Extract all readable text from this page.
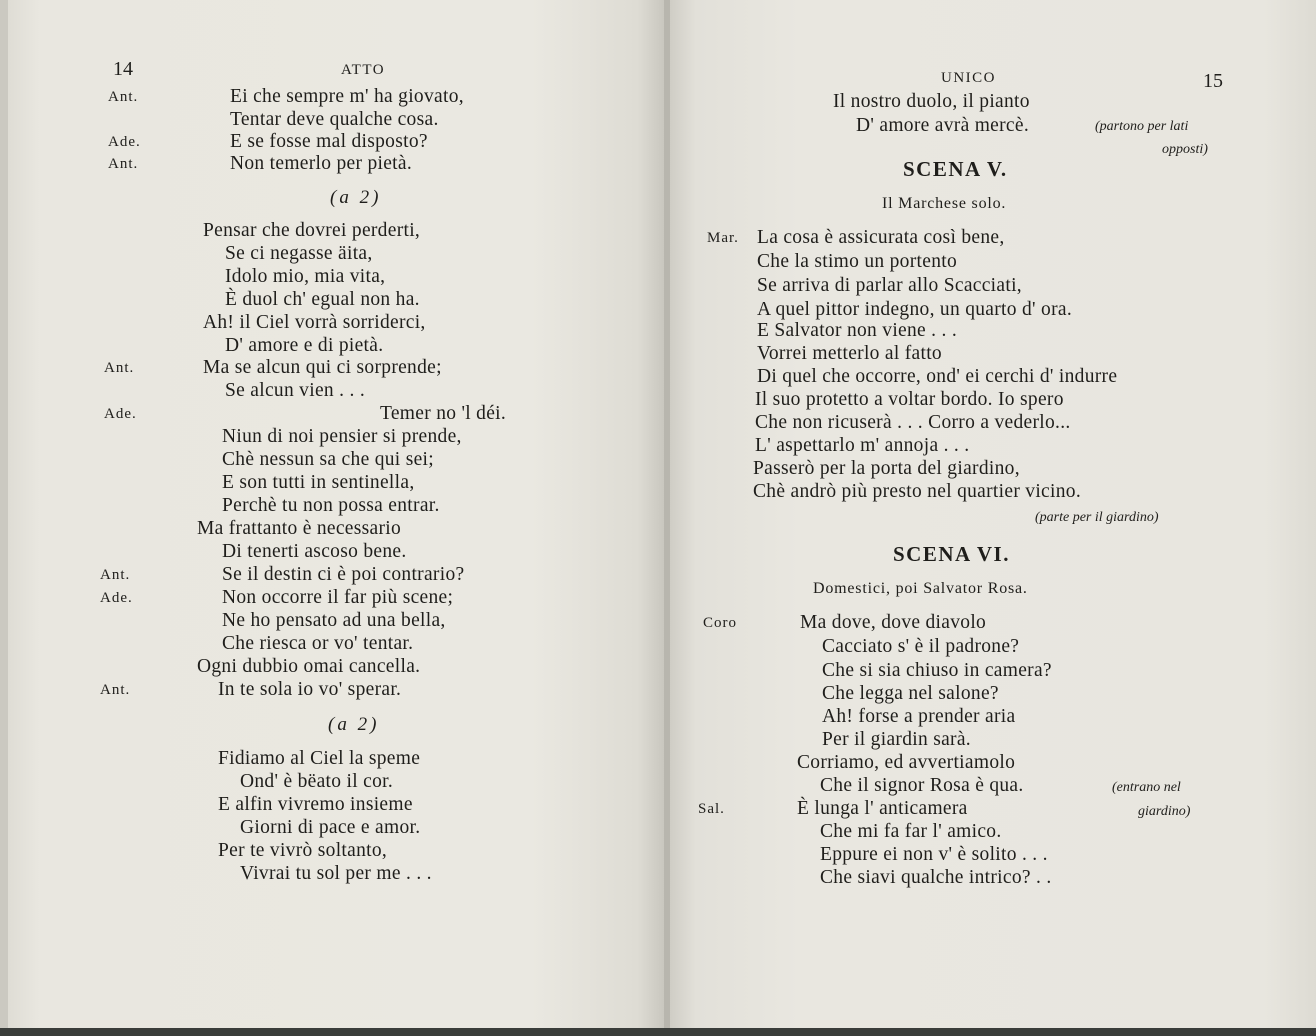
14	ATTO
Ant.	Ei che sempre m' ha giovato,
Tentar deve qualche cosa.
Ade.	E se fosse mal disposto?
Ant.	Non temerlo per pietà.
(a 2)
Pensar che dovrei perderti,
Se ci negasse äita,
Idolo mio, mia vita,
È duol ch' egual non ha.
Ah! il Ciel vorrà sorriderci,
D' amore e di pietà.
Ant.	Ma se alcun qui ci sorprende;
Se alcun vien . . .
Ade.	Temer no 'l déi.
Niun di noi pensier si prende,
Chè nessun sa che qui sei;
E son tutti in sentinella,
Perchè tu non possa entrar.
Ma frattanto è necessario
Di tenerti ascoso bene.
Ant.	Se il destin ci è poi contrario?
Ade.	Non occorre il far più scene;
Ne ho pensato ad una bella,
Che riesca or vo' tentar.
Ogni dubbio omai cancella.
Ant.	In te sola io vo' sperar.
(a 2)
Fidiamo al Ciel la speme
Ond' è bëato il cor.
E alfin vivremo insieme
Giorni di pace e amor.
Per te vivrò soltanto,
Vivrai tu sol per me . . .
UNICO	15
Il nostro duolo, il pianto
D' amore avrà mercè.	(partono per lati
opposti)
SCENA V.
Il Marchese solo.
Mar. La cosa è assicurata così bene,
Che la stimo un portento
Se arriva di parlar allo Scacciati,
A quel pittor indegno, un quarto d' ora.
E Salvator non viene . . .
Vorrei metterlo al fatto
Di quel che occorre, ond' ei cerchi d' indurre
Il suo protetto a voltar bordo. Io spero
Che non ricuserà . . . Corro a vederlo...
L' aspettarlo m' annoja . . .
Passerò per la porta del giardino,
Chè andrò più presto nel quartier vicino.
(parte per il giardino)
SCENA VI.
Domestici, poi Salvator Rosa.
Coro	Ma dove, dove diavolo
Cacciato s' è il padrone?
Che si sia chiuso in camera?
Che legga nel salone?
Ah! forse a prender aria
Per il giardin sarà.
Corriamo, ed avvertiamolo
Che il signor Rosa è qua.	(entrano nel
Sal.	È lunga l' anticamera	giardino)
Che mi fa far l' amico.
Eppure ei non v' è solito . . .
Che siavi qualche intrico? . .
